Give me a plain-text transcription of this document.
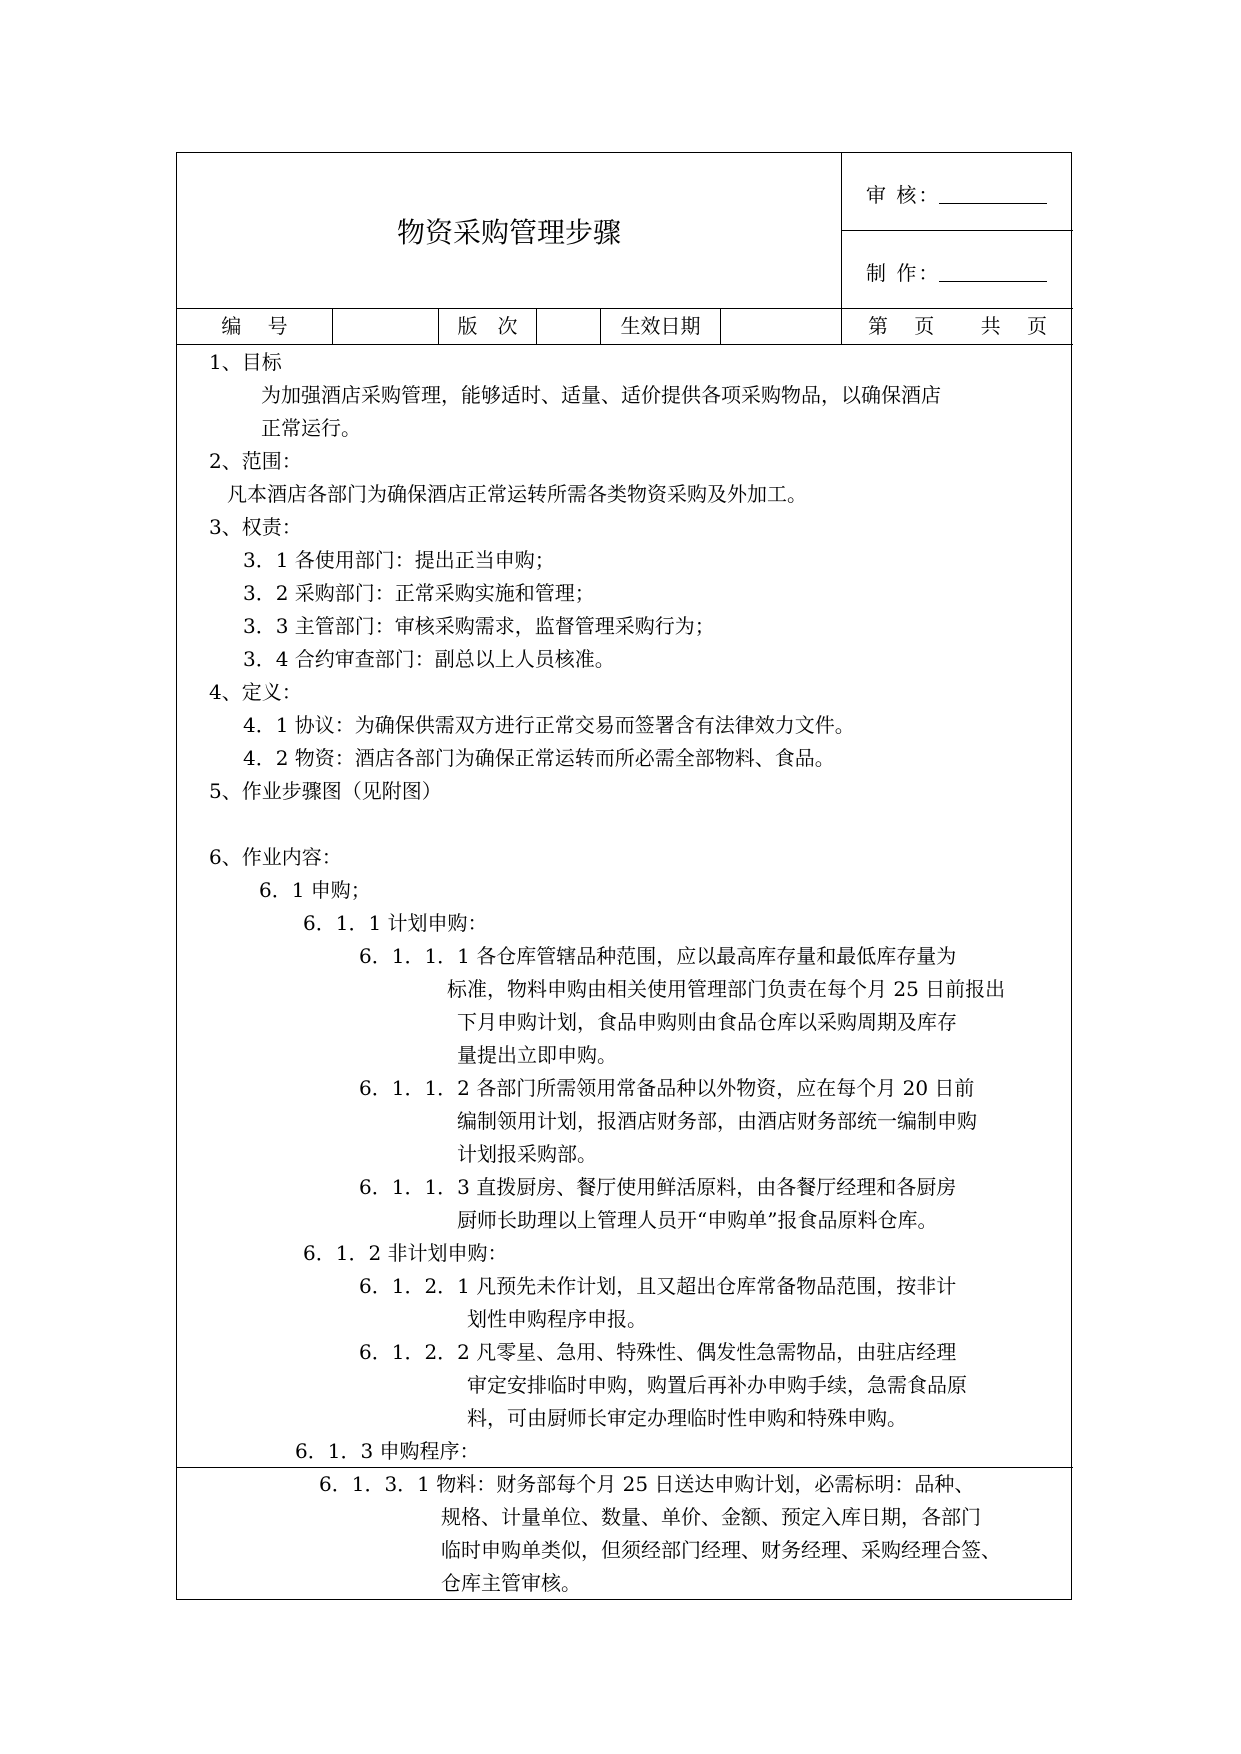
物资采购管理步骤
审 核：
制 作：
编　 号	版　次	生效日期	第　 页　　 共　 页
1、目标
为加强酒店采购管理，能够适时、适量、适价提供各项采购物品，以确保酒店
正常运行。
2、范围：
凡本酒店各部门为确保酒店正常运转所需各类物资采购及外加工。
3、权责：
3．1 各使用部门：提出正当申购；
3．2 采购部门：正常采购实施和管理；
3．3 主管部门：审核采购需求，监督管理采购行为；
3．4 合约审查部门：副总以上人员核准。
4、定义：
4．1 协议：为确保供需双方进行正常交易而签署含有法律效力文件。
4．2 物资：酒店各部门为确保正常运转而所必需全部物料、食品。
5、作业步骤图（见附图）
6、作业内容：
6．1 申购；
6．1．1 计划申购：
6．1．1．1 各仓库管辖品种范围，应以最高库存量和最低库存量为
标准，物料申购由相关使用管理部门负责在每个月 25 日前报出
下月申购计划，食品申购则由食品仓库以采购周期及库存
量提出立即申购。
6．1．1．2 各部门所需领用常备品种以外物资，应在每个月 20 日前
编制领用计划，报酒店财务部，由酒店财务部统一编制申购
计划报采购部。
6．1．1．3 直拨厨房、餐厅使用鲜活原料，由各餐厅经理和各厨房
厨师长助理以上管理人员开“申购单”报食品原料仓库。
6．1．2 非计划申购：
6．1．2．1 凡预先未作计划，且又超出仓库常备物品范围，按非计
划性申购程序申报。
6．1．2．2 凡零星、急用、特殊性、偶发性急需物品，由驻店经理
审定安排临时申购，购置后再补办申购手续，急需食品原
料，可由厨师长审定办理临时性申购和特殊申购。
6．1．3 申购程序：
6．1．3．1 物料：财务部每个月 25 日送达申购计划，必需标明：品种、
规格、计量单位、数量、单价、金额、预定入库日期，各部门
临时申购单类似，但须经部门经理、财务经理、采购经理合签、
仓库主管审核。
